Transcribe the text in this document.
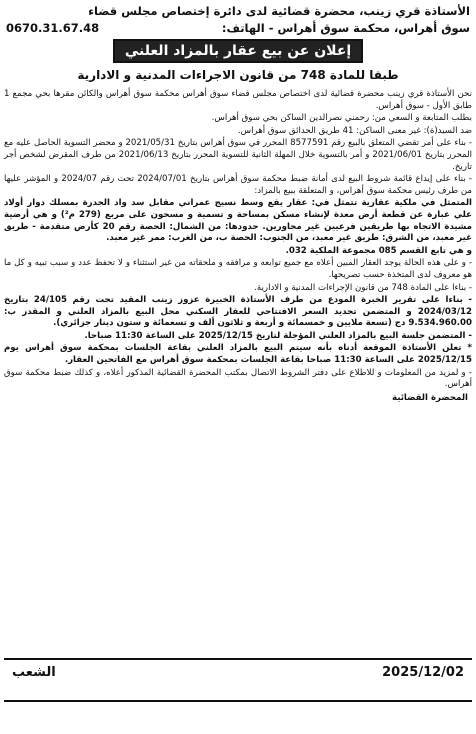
الأستاذة قري زينب، محضرة قضائية لدى دائرة إختصاص مجلس قضاء
سوق أهراس، محكمة سوق أهراس - الهاتف:
0670.31.67.48
إعلان عن بيع عقار بالمزاد العلني
طبقا للمادة 748 من قانون الاجراءات المدنية و الادارية

نحن الأستاذة قري زينب محضرة قضائية لدى اختصاص مجلس قضاء سوق أهراس محكمة سوق أهراس والكائن مقرها بحي مجمع 1 طابق الأول - سوق أهراس.

بطلب المتابعة و السعي من: رحمني نصرالدين الساكن بحي سوق أهراس.

ضد السيد(ة): غير معنى الساكن: 41 طريق الحدائق سوق أهراس.

- بناء على أمر تقضي المتعلق بالبيع رقم 8577591 المحرر في سوق أهراس بتاريخ 2021/05/31 و محضر التسوية الحاصل عليه مع المحرر بتاريخ 2021/06/01 و أمر بالتسوية خلال المهلة الثانية للتسوية المحرر بتاريخ 2021/06/13 من طرف المقرض لشخص أجر تاريخ.

- بناء على إيداع قائمة شروط البيع لدى أمانة ضبط محكمة سوق أهراس بتاريخ 2024/07/01 تحت رقم 2024/07 و المؤشر عليها من طرف رئيس محكمة سوق أهراس، و المتعلقة ببيع بالمزاد:

المتمثل في ملكية عقارية تتمثل في: عقار يقع وسط نسيج عمراني مقابل سد واد الجدرة بمسلك دوار أولاد علي عبارة عن قطعة أرض معدة لإنشاء مسكن بمساحة و تسمية و مسحون على مربع (279 م²) و هي أرضية مشيدة الاتجاه بها طريقين فرعيين غير مجاورين. حدودها: من الشمال: الحصة رقم 20 كأرض متقدمة - طريق غير معبد، من الشرق: طريق غير معبد، من الجنوب: الحصة ب، من الغرب: ممر غير معبد.

و هي تابع القسم 085 مجموعة الملكية 032.

- و على هذه الحالة يوجد العقار المبين أعلاه مع جميع توابعه و مرافقه و ملحقاته من غير استثناء و لا تحفظ عدد و سبب تبيه و كل ما هو معروف لدى المتخذة حسب تصريحها.

- بناءا على المادة 748 من قانون الإجراءات المدنية و الادارية.

- بناءا على تقرير الخبرة المودع من طرف الأستاذة الخبيرة عزوز زينب المقيد تحت رقم 24/105 بتاريخ 2024/03/12 و المتضمن تحديد السعر الافتتاحي للعقار السكني محل البيع بالمزاد العلني و المقدر ب: 9.534.960.00 دج (تسعة ملايين و خمسمائة و أربعة و ثلاثون ألف و تسعمائة و ستون دينار جزائري).

- المتضمن جلسة البيع بالمزاد العلني المؤجلة لتاريخ 2025/12/15 على الساعة 11:30 صباحا.

* تعلن الأستاذة الموقعة أدناه بأنه سيتم البيع بالمزاد العلني بقاعة الجلسات بمحكمة سوق أهراس يوم 2025/12/15 على الساعة 11:30 صباحا بقاعة الجلسات بمحكمة سوق أهراس مع الفاتحين العقار.

- و لمزيد من المعلومات و للاطلاع على دفتر الشروط الاتصال بمكتب المحضرة القضائية المذكور أعلاه، و كذلك ضبط محكمة سوق أهراس.

المحضرة القضائية
الشعب	2025/12/02
